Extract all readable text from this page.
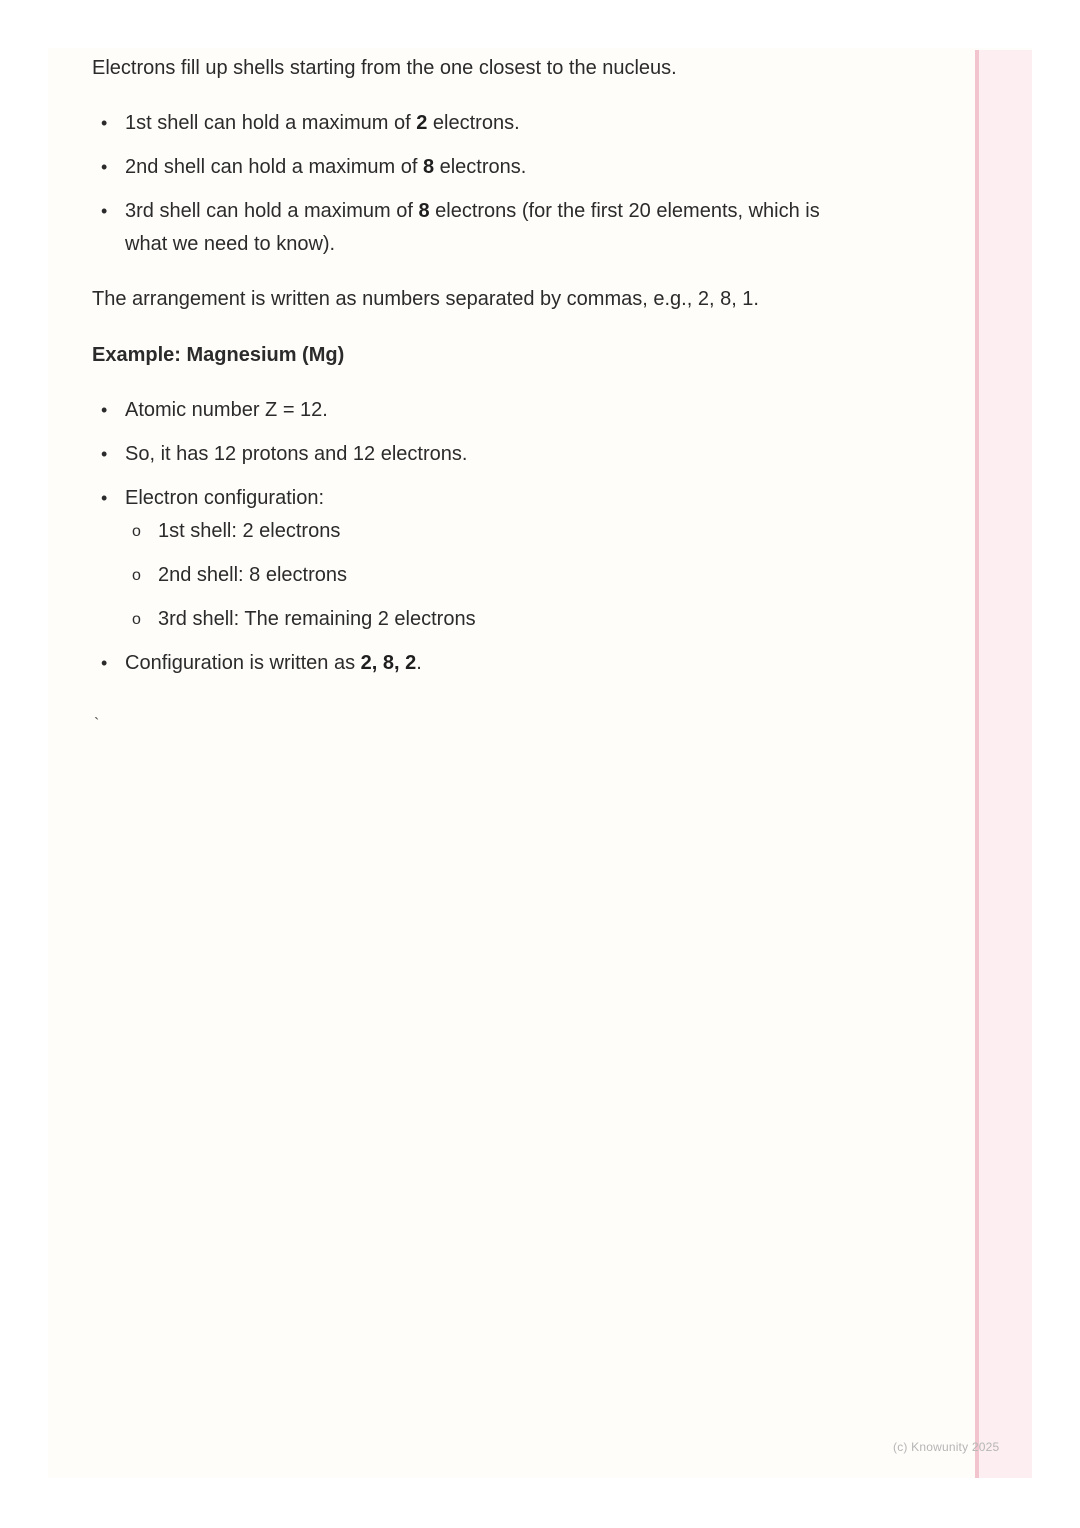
Electrons fill up shells starting from the one closest to the nucleus.

• 1st shell can hold a maximum of 2 electrons.
• 2nd shell can hold a maximum of 8 electrons.
• 3rd shell can hold a maximum of 8 electrons (for the first 20 elements, which is what we need to know).

The arrangement is written as numbers separated by commas, e.g., 2, 8, 1.

Example: Magnesium (Mg)

• Atomic number Z = 12.
• So, it has 12 protons and 12 electrons.
• Electron configuration:
o 1st shell: 2 electrons
o 2nd shell: 8 electrons
o 3rd shell: The remaining 2 electrons
• Configuration is written as 2, 8, 2.
`
(c) Knowunity 2025
